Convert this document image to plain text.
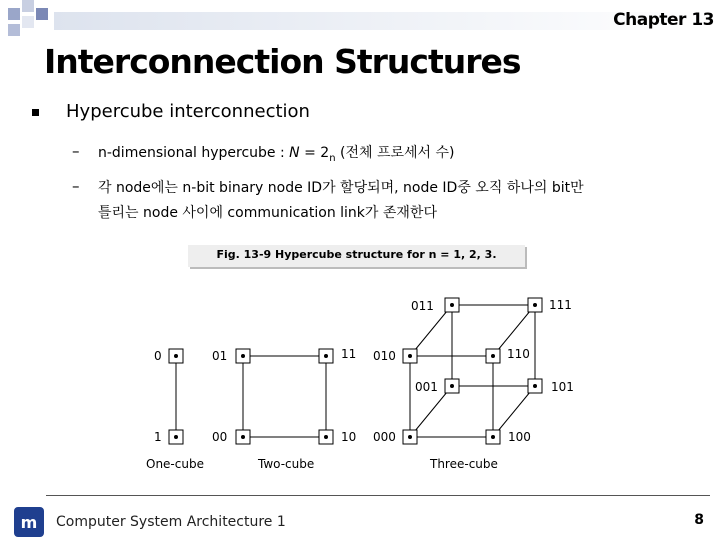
Chapter 13
Interconnection Structures
Hypercube interconnection
– n-dimensional hypercube : $N = 2_n$ (전체 프로세서 수)
– 각 node에는 n-bit binary node ID가 할당되며, node ID중 오직 하나의 bit만
틀리는 node 사이에 communication link가 존재한다
Fig. 13-9 Hypercube structure for n = 1, 2, 3.
0
1
One-cube
01	11
00	10
Two-cube
011	111
010	110
001	101
000	100
Three-cube
m	Computer System Architecture 1	8
